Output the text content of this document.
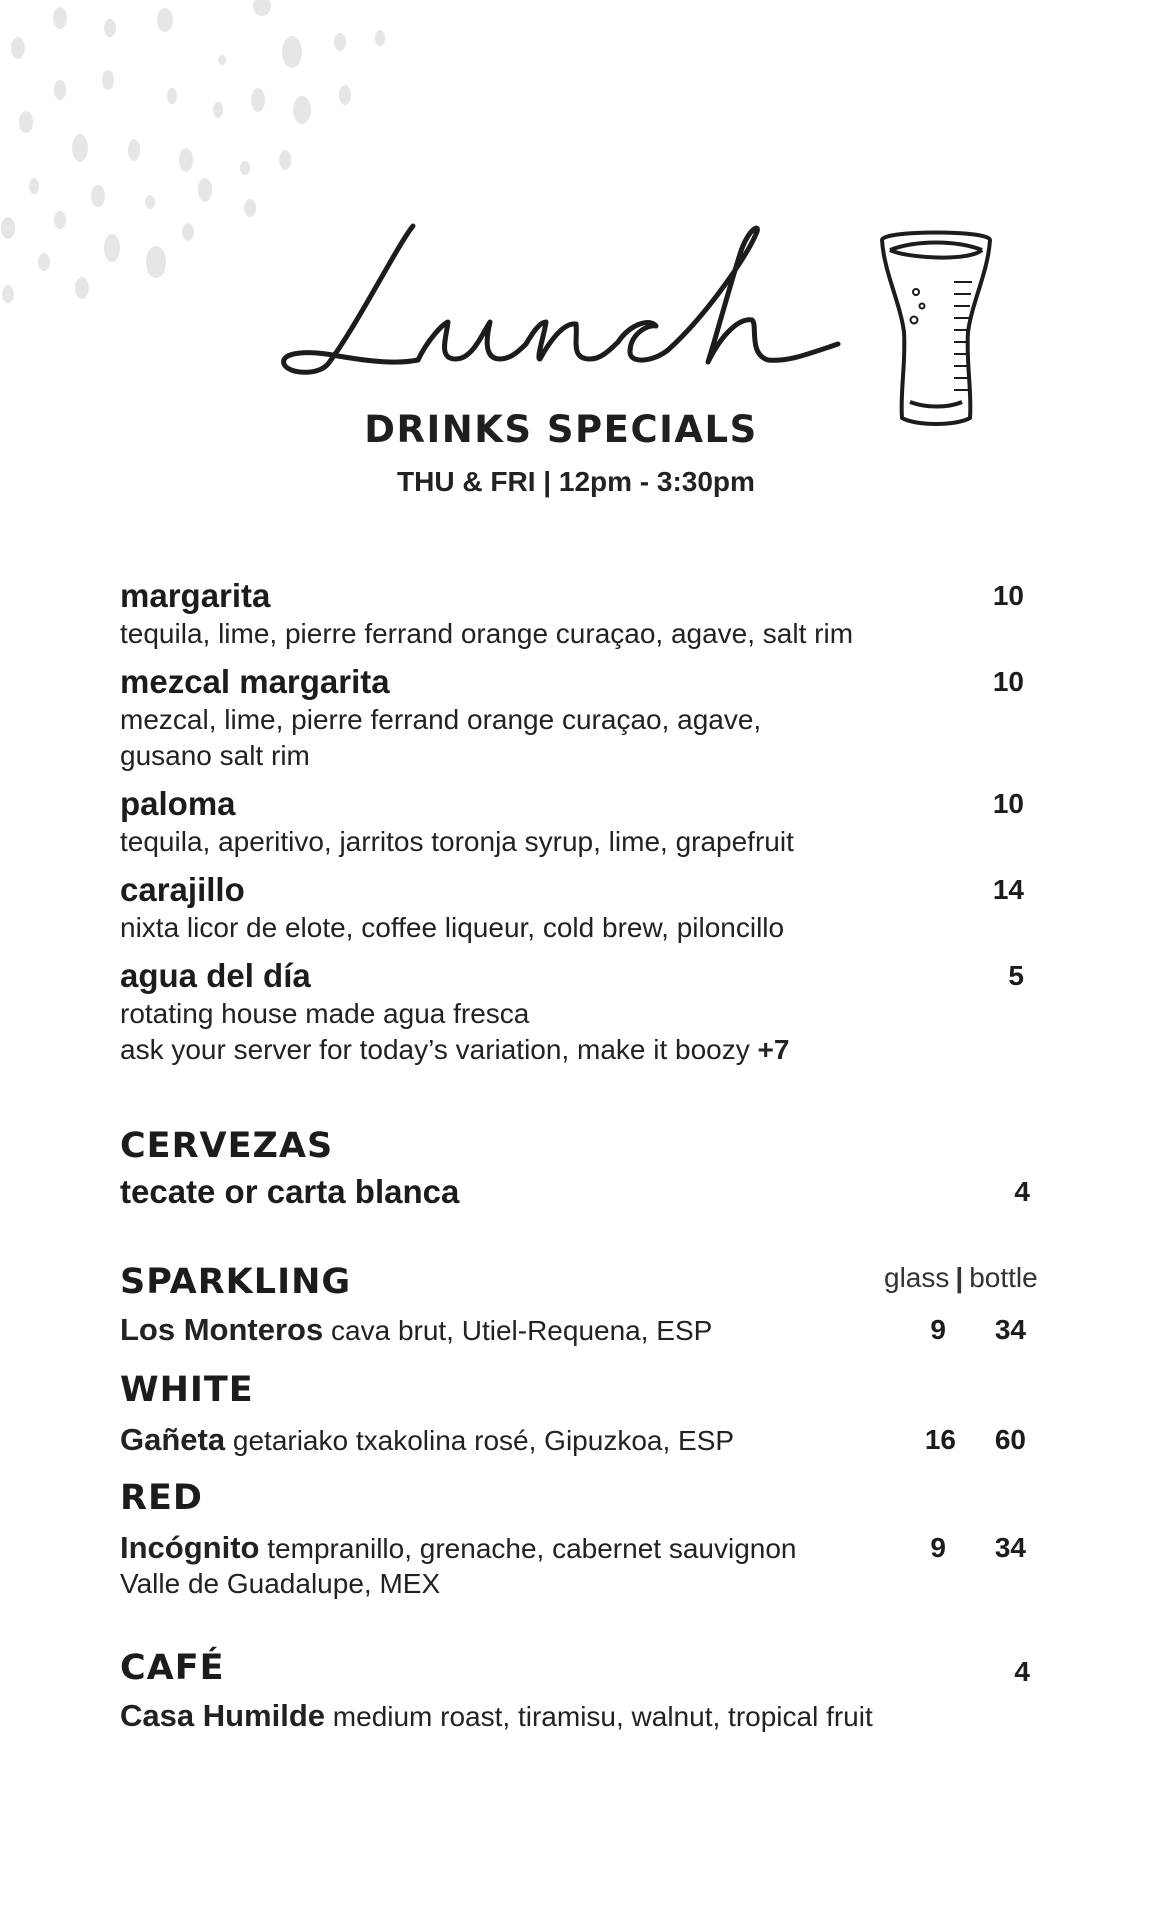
DRINKS SPECIALS
THU & FRI | 12pm - 3:30pm
margarita
tequila, lime, pierre ferrand orange curaçao, agave, salt rim
10
mezcal margarita
mezcal, lime, pierre ferrand orange curaçao, agave,
gusano salt rim
10
paloma
tequila, aperitivo, jarritos toronja syrup, lime, grapefruit
10
carajillo
nixta licor de elote, coffee liqueur, cold brew, piloncillo
14
agua del día
rotating house made agua fresca
ask your server for today’s variation, make it boozy +7
5
CERVEZAS
tecate or carta blanca	4
glass | bottle
SPARKLING
Los Monteros cava brut, Utiel-Requena, ESP	9	34
WHITE
Gañeta getariako txakolina rosé, Gipuzkoa, ESP	16	60
RED
Incógnito tempranillo, grenache, cabernet sauvignon
Valle de Guadalupe, MEX
9	34
CAFÉ	4
Casa Humilde medium roast, tiramisu, walnut, tropical fruit
